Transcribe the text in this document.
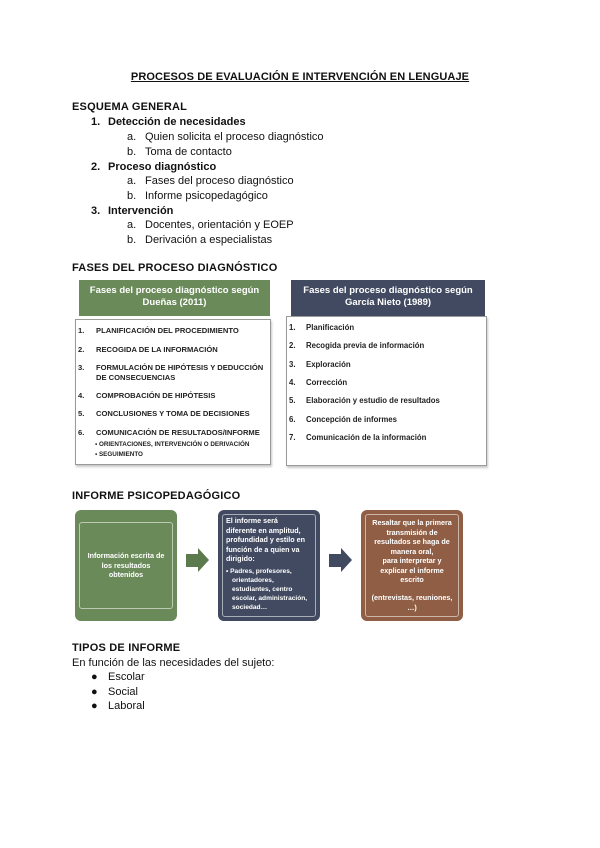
PROCESOS DE EVALUACIÓN E INTERVENCIÓN EN LENGUAJE
ESQUEMA GENERAL
1. Detección de necesidades
a. Quien solicita el proceso diagnóstico
b. Toma de contacto
2. Proceso diagnóstico
a. Fases del proceso diagnóstico
b. Informe psicopedagógico
3. Intervención
a. Docentes, orientación y EOEP
b. Derivación a especialistas
FASES DEL PROCESO DIAGNÓSTICO
Fases del proceso diagnóstico según
Dueñas (2011)
1. PLANIFICACIÓN DEL PROCEDIMIENTO
2. RECOGIDA DE LA INFORMACIÓN
3. FORMULACIÓN DE HIPÓTESIS Y DEDUCCIÓN
DE CONSECUENCIAS
4. COMPROBACIÓN DE HIPÓTESIS
5. CONCLUSIONES Y TOMA DE DECISIONES
6. COMUNICACIÓN DE RESULTADOS/INFORME
▪ ORIENTACIONES, INTERVENCIÓN O DERIVACIÓN
▪ SEGUIMIENTO
Fases del proceso diagnóstico según
García Nieto (1989)
1. Planificación
2. Recogida previa de información
3. Exploración
4. Corrección
5. Elaboración y estudio de resultados
6. Concepción de informes
7. Comunicación de la información
INFORME PSICOPEDAGÓGICO
Información escrita de
los resultados
obtenidos
El informe será
diferente en amplitud,
profundidad y estilo en
función de a quien va
dirigido:
• Padres, profesores,
orientadores,
estudiantes, centro
escolar, administración,
sociedad…
Resaltar que la primera
transmisión de
resultados se haga de
manera oral,
para interpretar y
explicar el informe
escrito
(entrevistas, reuniones,
…)
TIPOS DE INFORME
En función de las necesidades del sujeto:
● Escolar
● Social
● Laboral
